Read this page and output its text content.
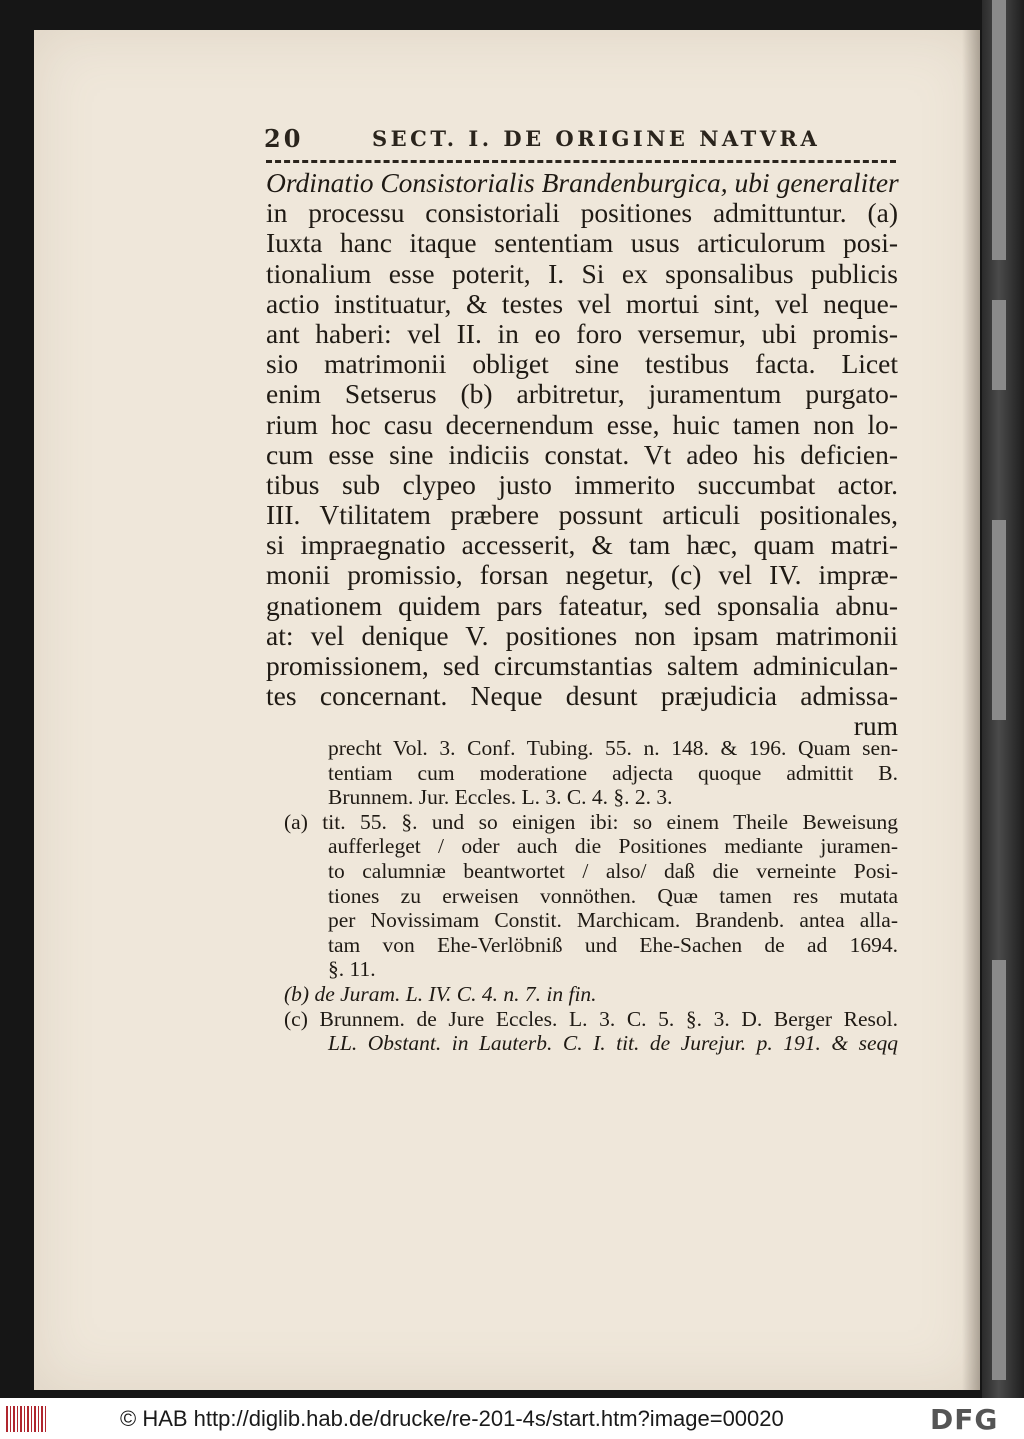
20	SECT. I. DE ORIGINE NATVRA
Ordinatio Consistorialis Brandenburgica, ubi generaliter
in processu consistoriali positiones admittuntur. (a)
Iuxta hanc itaque sententiam usus articulorum posi-
tionalium esse poterit, I. Si ex sponsalibus publicis
actio instituatur, & testes vel mortui sint, vel neque-
ant haberi: vel II. in eo foro versemur, ubi promis-
sio matrimonii obliget sine testibus facta. Licet
enim Setserus (b) arbitretur, juramentum purgato-
rium hoc casu decernendum esse, huic tamen non lo-
cum esse sine indiciis constat. Vt adeo his deficien-
tibus sub clypeo justo immerito succumbat actor.
III. Vtilitatem præbere possunt articuli positionales,
si impraegnatio accesserit, & tam hæc, quam matri-
monii promissio, forsan negetur, (c) vel IV. impræ-
gnationem quidem pars fateatur, sed sponsalia abnu-
at: vel denique V. positiones non ipsam matrimonii
promissionem, sed circumstantias saltem adminiculan-
tes concernant. Neque desunt præjudicia admissa-
rum
precht Vol. 3. Conf. Tubing. 55. n. 148. & 196. Quam sen-
tentiam cum moderatione adjecta quoque admittit B.
Brunnem. Jur. Eccles. L. 3. C. 4. §. 2. 3.
(a) tit. 55. §. und so einigen ibi: so einem Theile Beweisung
aufferleget / oder auch die Positiones mediante juramen-
to calumniæ beantwortet / also/ daß die verneinte Posi-
tiones zu erweisen vonnöthen. Quæ tamen res mutata
per Novissimam Constit. Marchicam. Brandenb. antea alla-
tam von Ehe-Verlöbniß und Ehe-Sachen de ad 1694.
§. 11.
(b) de Juram. L. IV. C. 4. n. 7. in fin.
(c) Brunnem. de Jure Eccles. L. 3. C. 5. §. 3. D. Berger Resol.
LL. Obstant. in Lauterb. C. I. tit. de Jurejur. p. 191. & seqq
© HAB http://diglib.hab.de/drucke/re-201-4s/start.htm?image=00020	DFG
